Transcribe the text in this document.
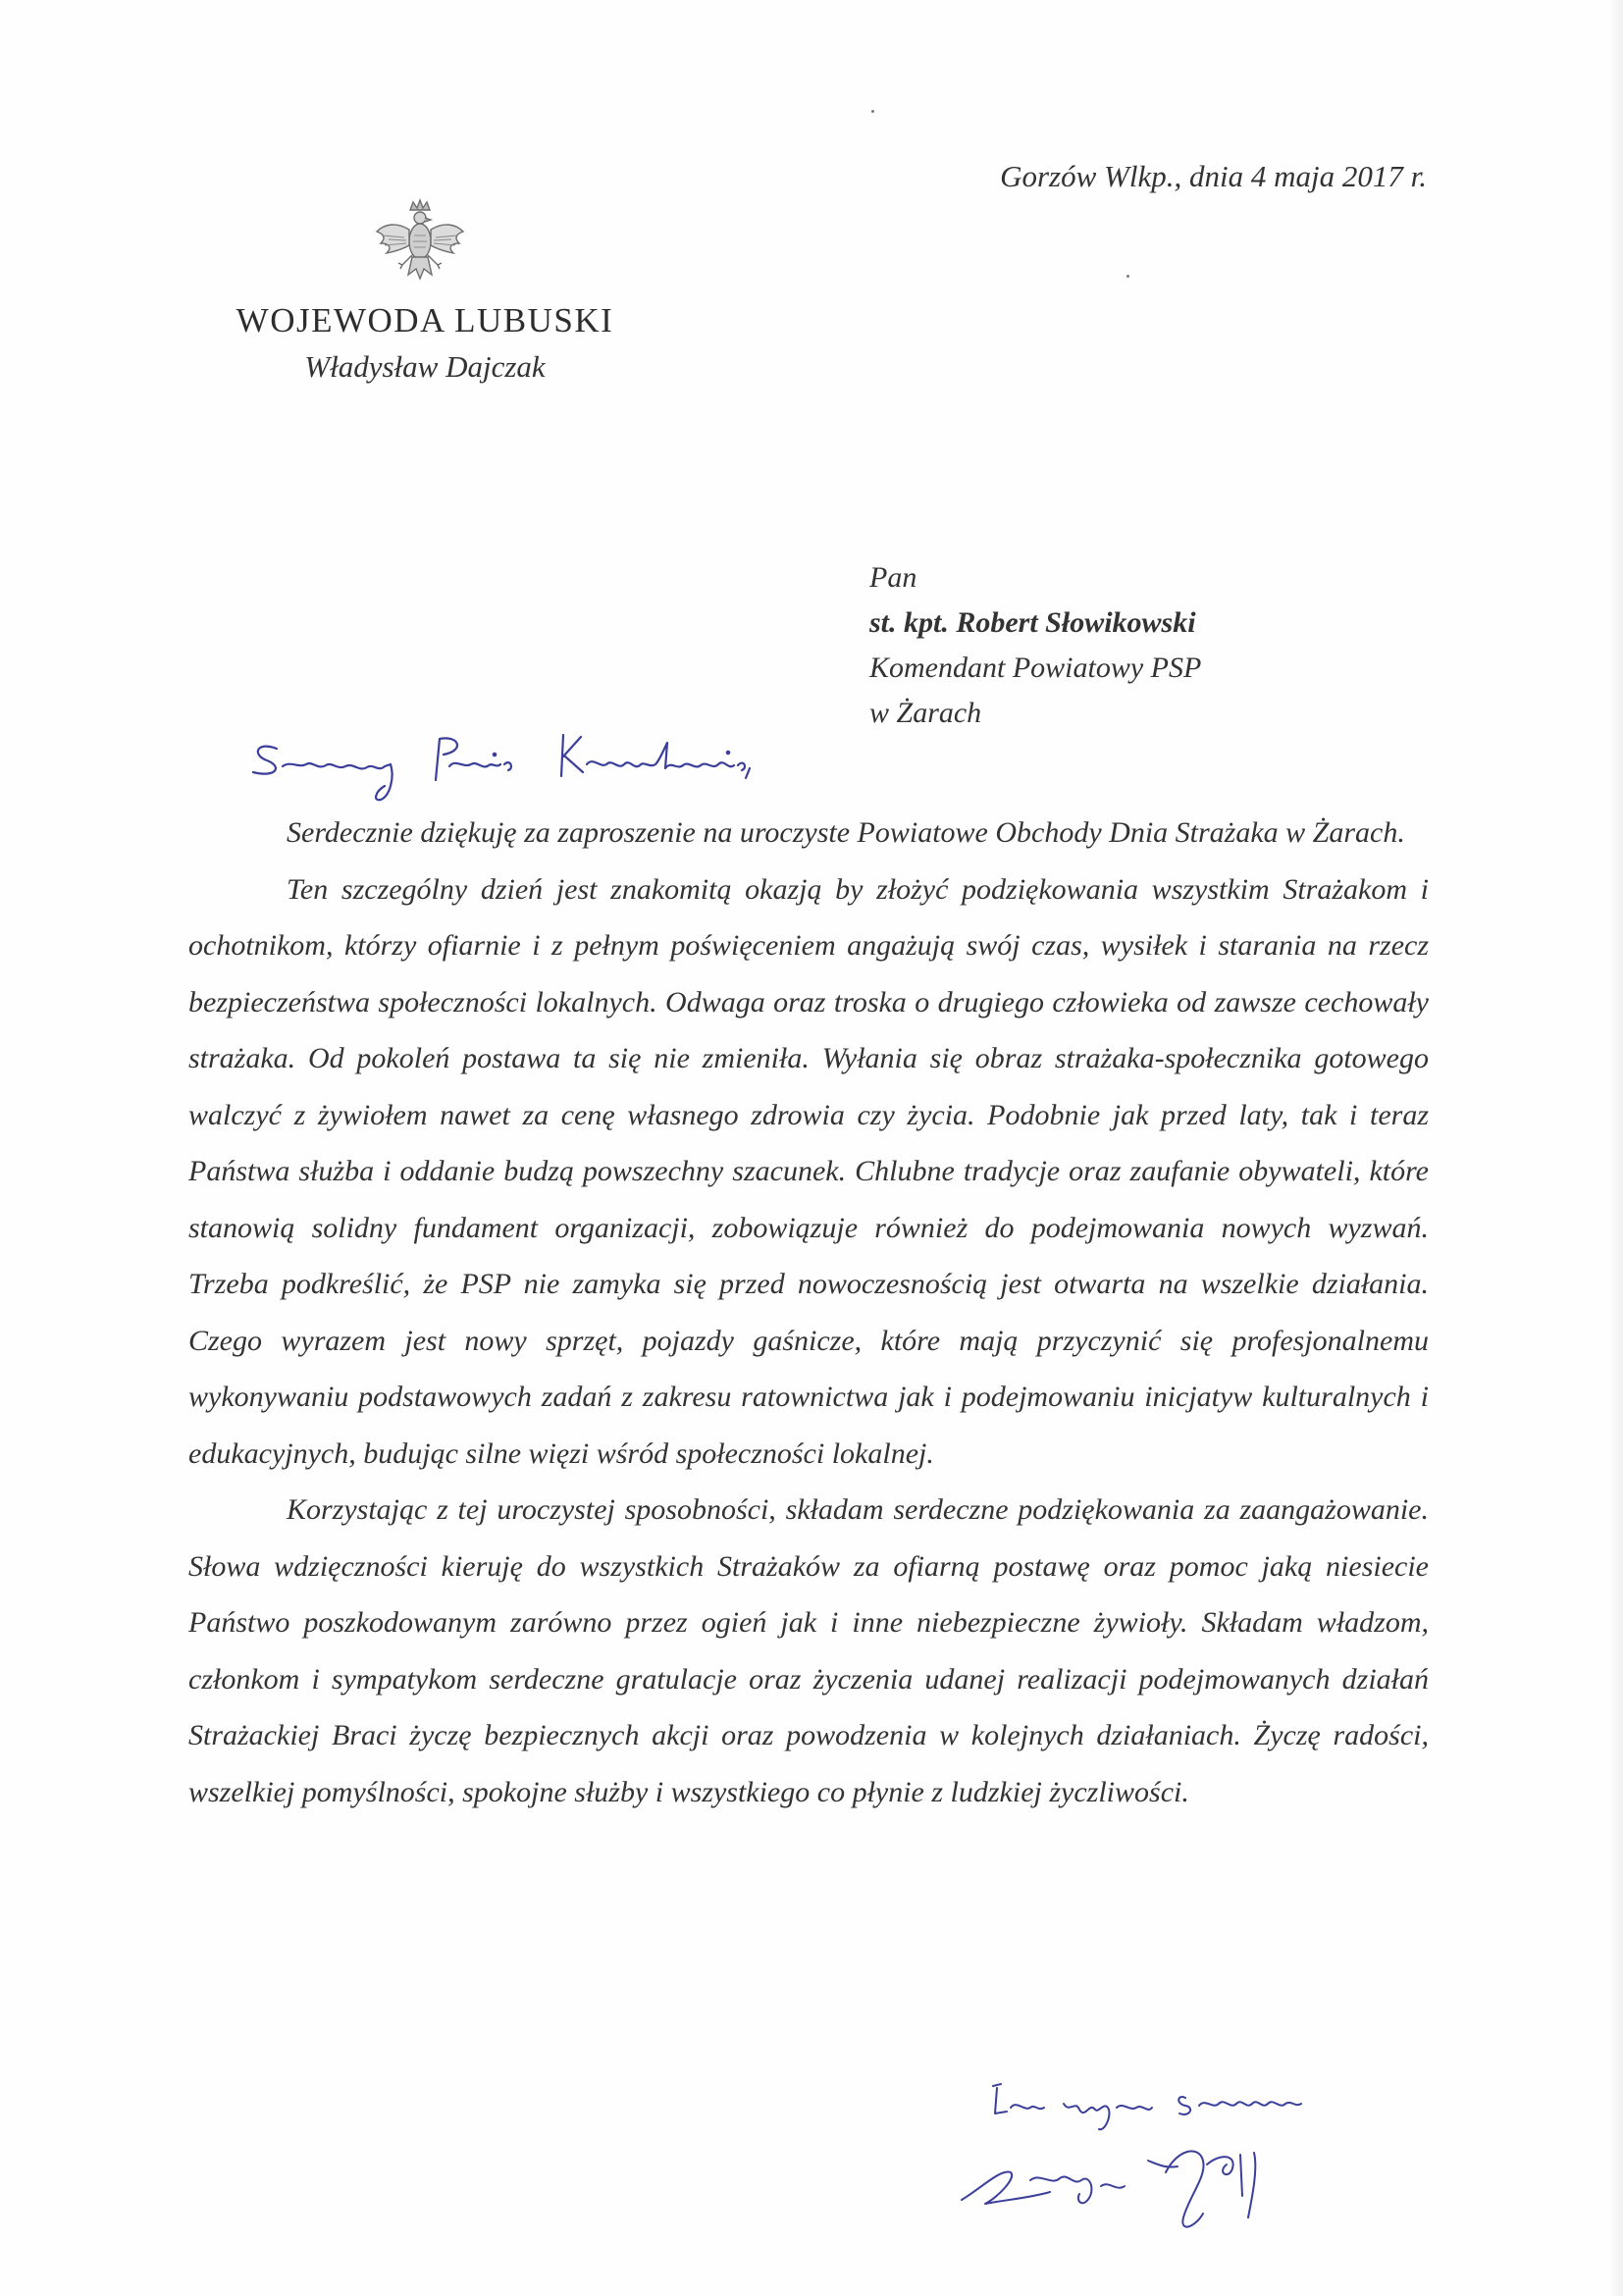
Gorzów Wlkp., dnia 4 maja 2017 r.
WOJEWODA LUBUSKI
Władysław Dajczak
Pan
st. kpt. Robert Słowikowski
Komendant Powiatowy PSP
w Żarach

Serdecznie dziękuję za zaproszenie na uroczyste Powiatowe Obchody Dnia Strażaka w Żarach.

Ten szczególny dzień jest znakomitą okazją by złożyć podziękowania wszystkim Strażakom i ochotnikom, którzy ofiarnie i z pełnym poświęceniem angażują swój czas, wysiłek i starania na rzecz bezpieczeństwa społeczności lokalnych. Odwaga oraz troska o drugiego człowieka od zawsze cechowały strażaka. Od pokoleń postawa ta się nie zmieniła. Wyłania się obraz strażaka-społecznika gotowego walczyć z żywiołem nawet za cenę własnego zdrowia czy życia. Podobnie jak przed laty, tak i teraz Państwa służba i oddanie budzą powszechny szacunek. Chlubne tradycje oraz zaufanie obywateli, które stanowią solidny fundament organizacji, zobowiązuje również do podejmowania nowych wyzwań. Trzeba podkreślić, że PSP nie zamyka się przed nowoczesnością jest otwarta na wszelkie działania. Czego wyrazem jest nowy sprzęt, pojazdy gaśnicze, które mają przyczynić się profesjonalnemu wykonywaniu podstawowych zadań z zakresu ratownictwa jak i podejmowaniu inicjatyw kulturalnych i edukacyjnych, budując silne więzi wśród społeczności lokalnej.

Korzystając z tej uroczystej sposobności, składam serdeczne podziękowania za zaangażowanie. Słowa wdzięczności kieruję do wszystkich Strażaków za ofiarną postawę oraz pomoc jaką niesiecie Państwo poszkodowanym zarówno przez ogień jak i inne niebezpieczne żywioły. Składam władzom, członkom i sympatykom serdeczne gratulacje oraz życzenia udanej realizacji podejmowanych działań Strażackiej Braci życzę bezpiecznych akcji oraz powodzenia w kolejnych działaniach. Życzę radości, wszelkiej pomyślności, spokojne służby i wszystkiego co płynie z ludzkiej życzliwości.
